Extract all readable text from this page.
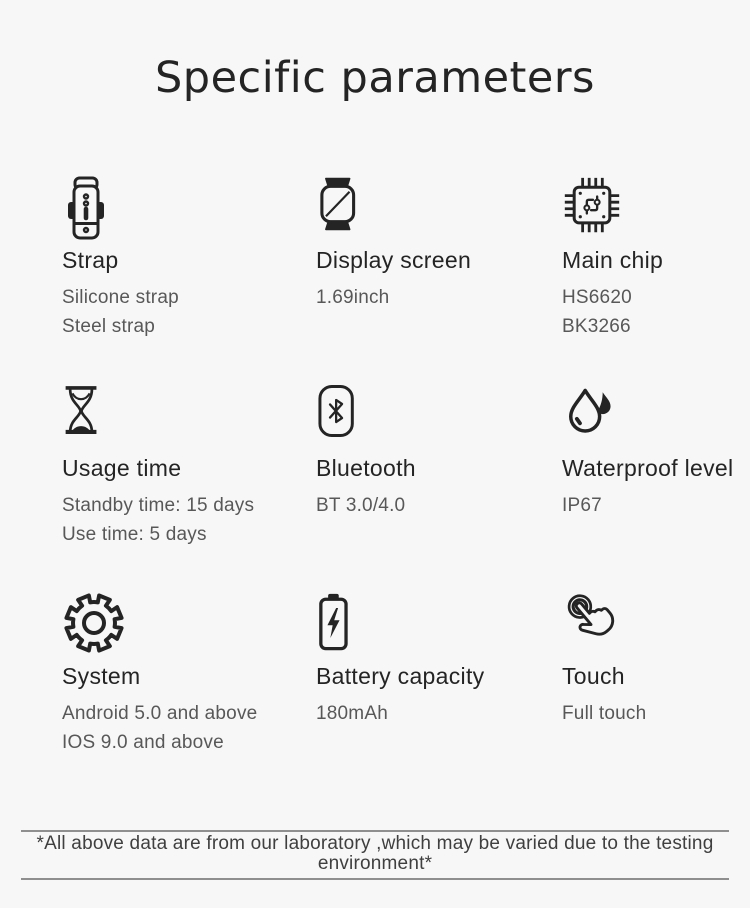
Specific parameters
Strap
Silicone strap
Steel strap
Display screen
1.69inch
Main chip
HS6620
BK3266
Usage time
Standby time: 15 days
Use time: 5 days
Bluetooth
BT 3.0/4.0
Waterproof level
IP67
System
Android 5.0 and above
IOS 9.0 and above
Battery capacity
180mAh
Touch
Full touch
*All above data are from our laboratory ,which may be varied due to the testing
environment*
